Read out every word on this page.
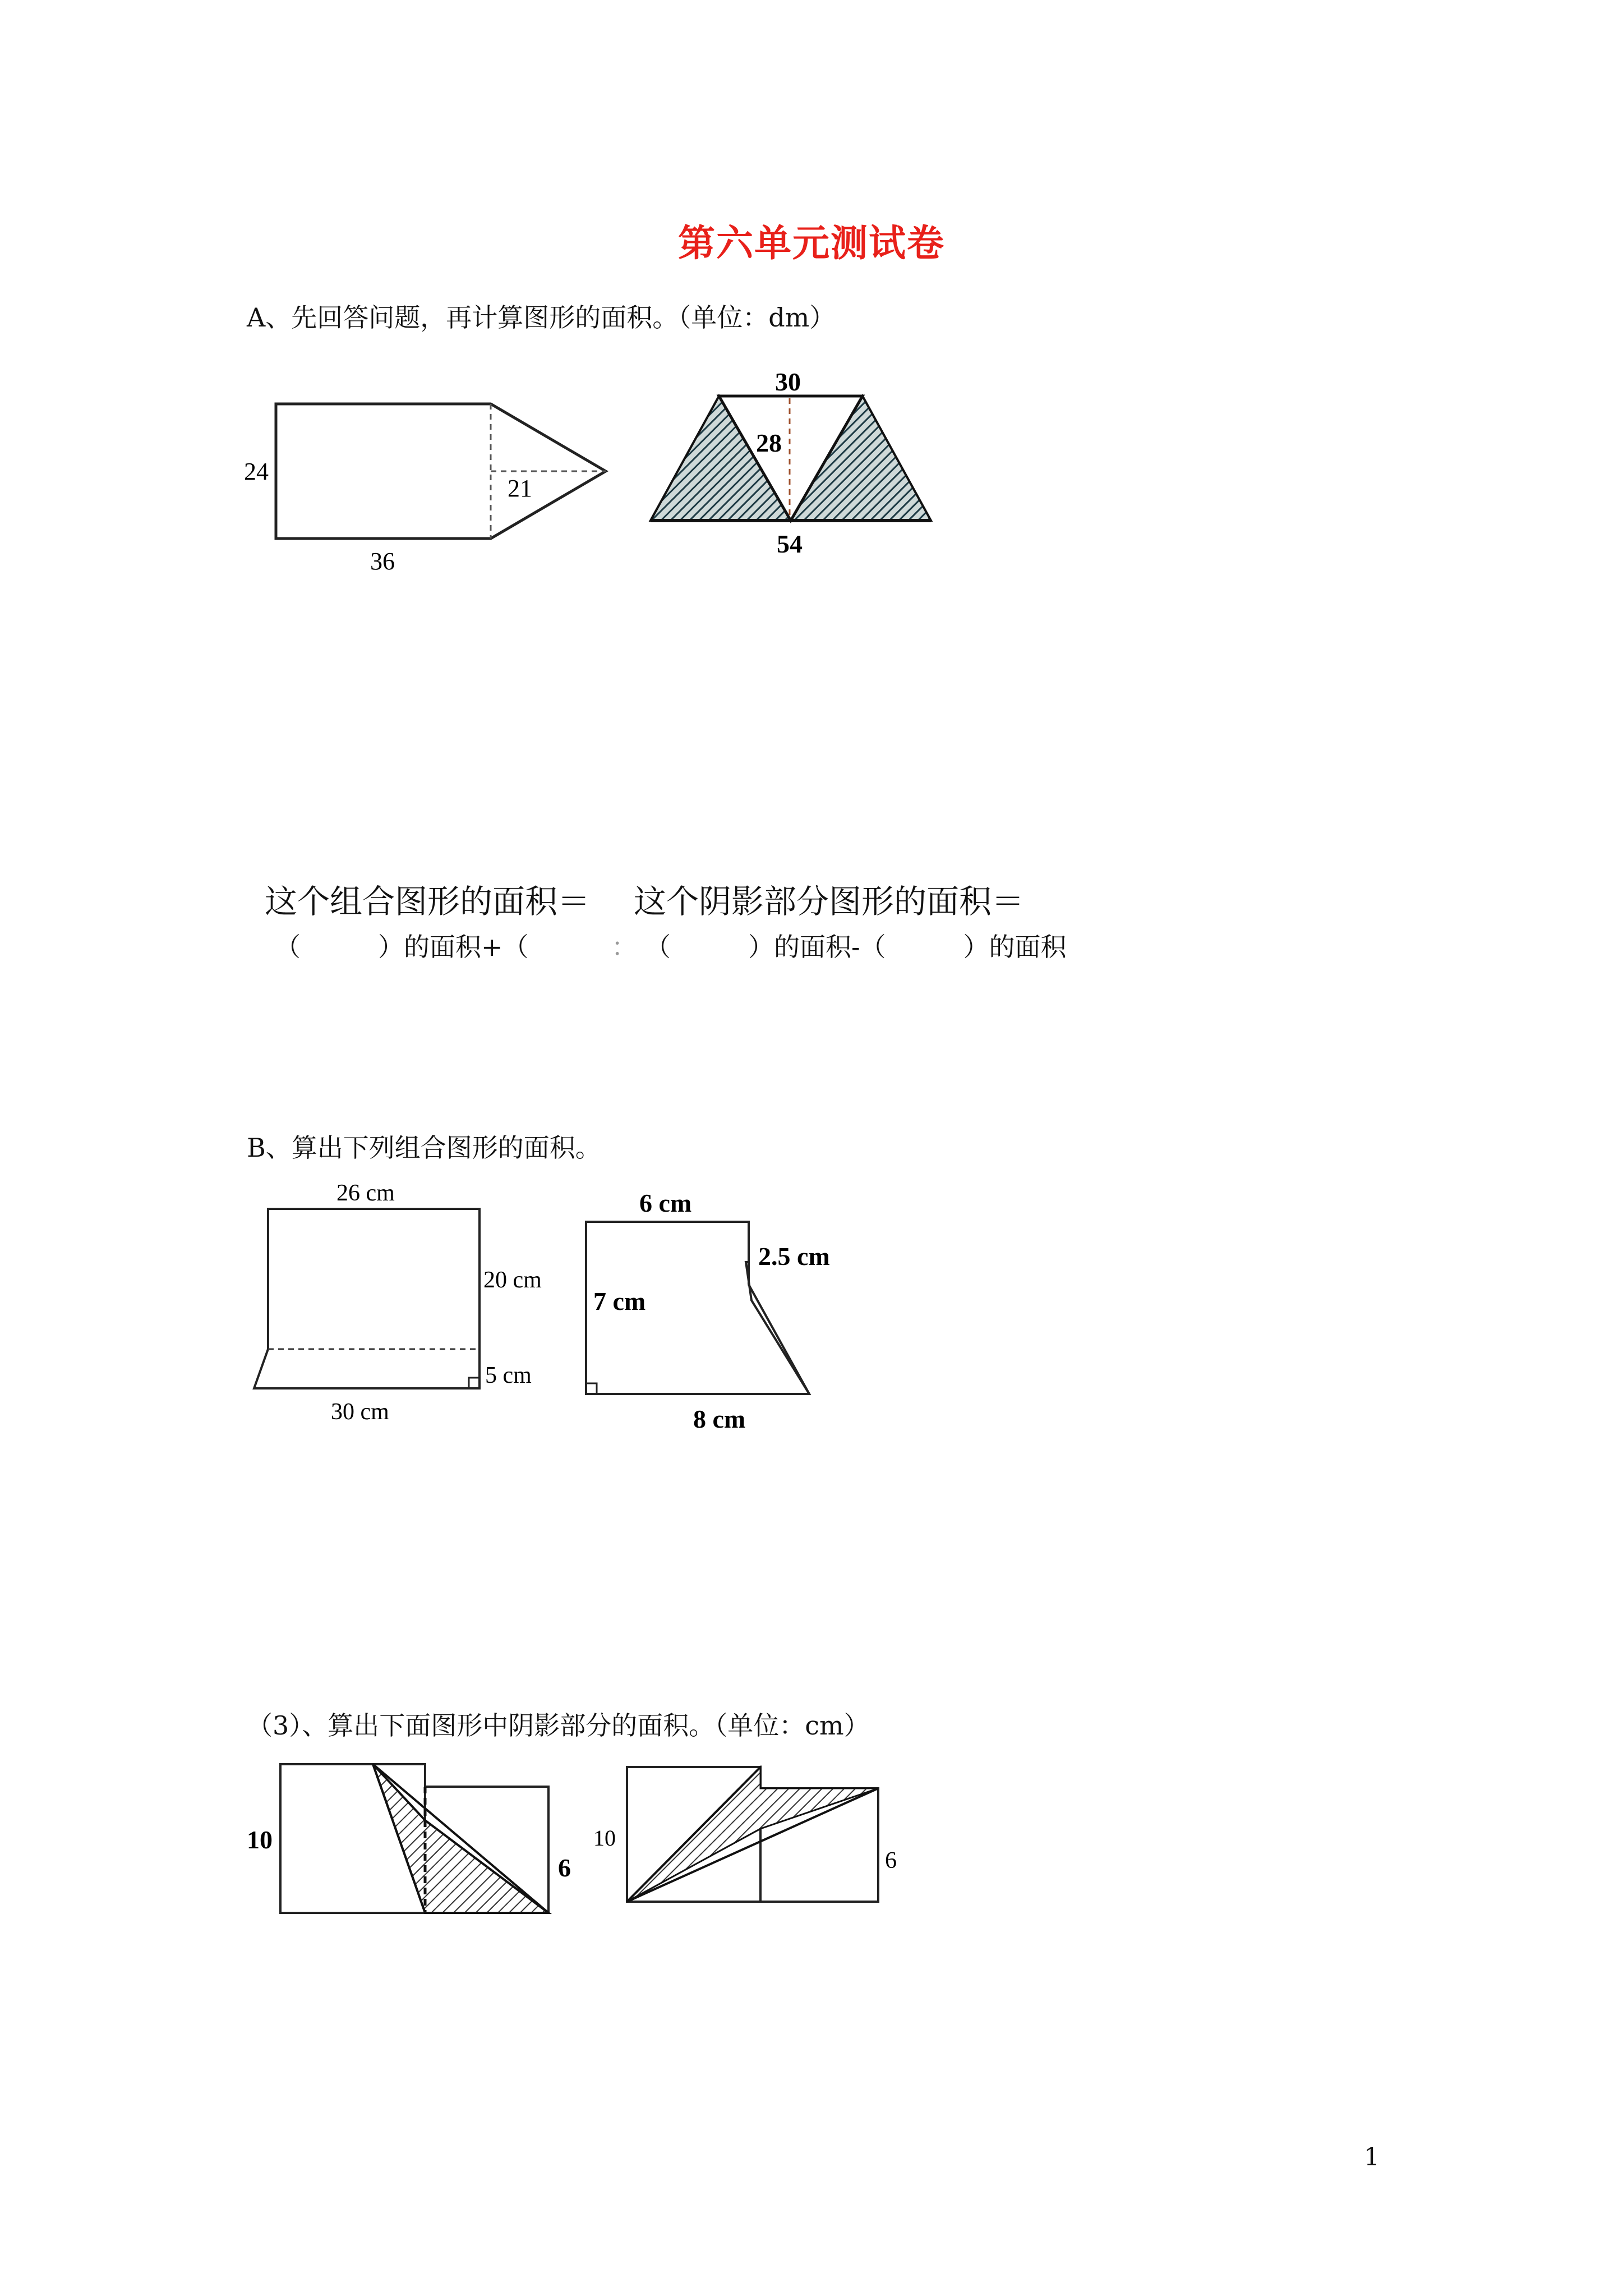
第六单元测试卷
A、先回答问题，再计算图形的面积。（单位：dm）
这个组合图形的面积＝ 这个阴影部分图形的面积＝
（　　　）的面积+（	： （　　　）的面积-（　　　）的面积
B、算出下列组合图形的面积。
（3）、算出下面图形中阴影部分的面积。（单位：cm）
1
24
36
21
30
28
54
26 cm
20 cm
5 cm
30 cm
6 cm
2.5 cm
7 cm
8 cm
10
6
10
6
